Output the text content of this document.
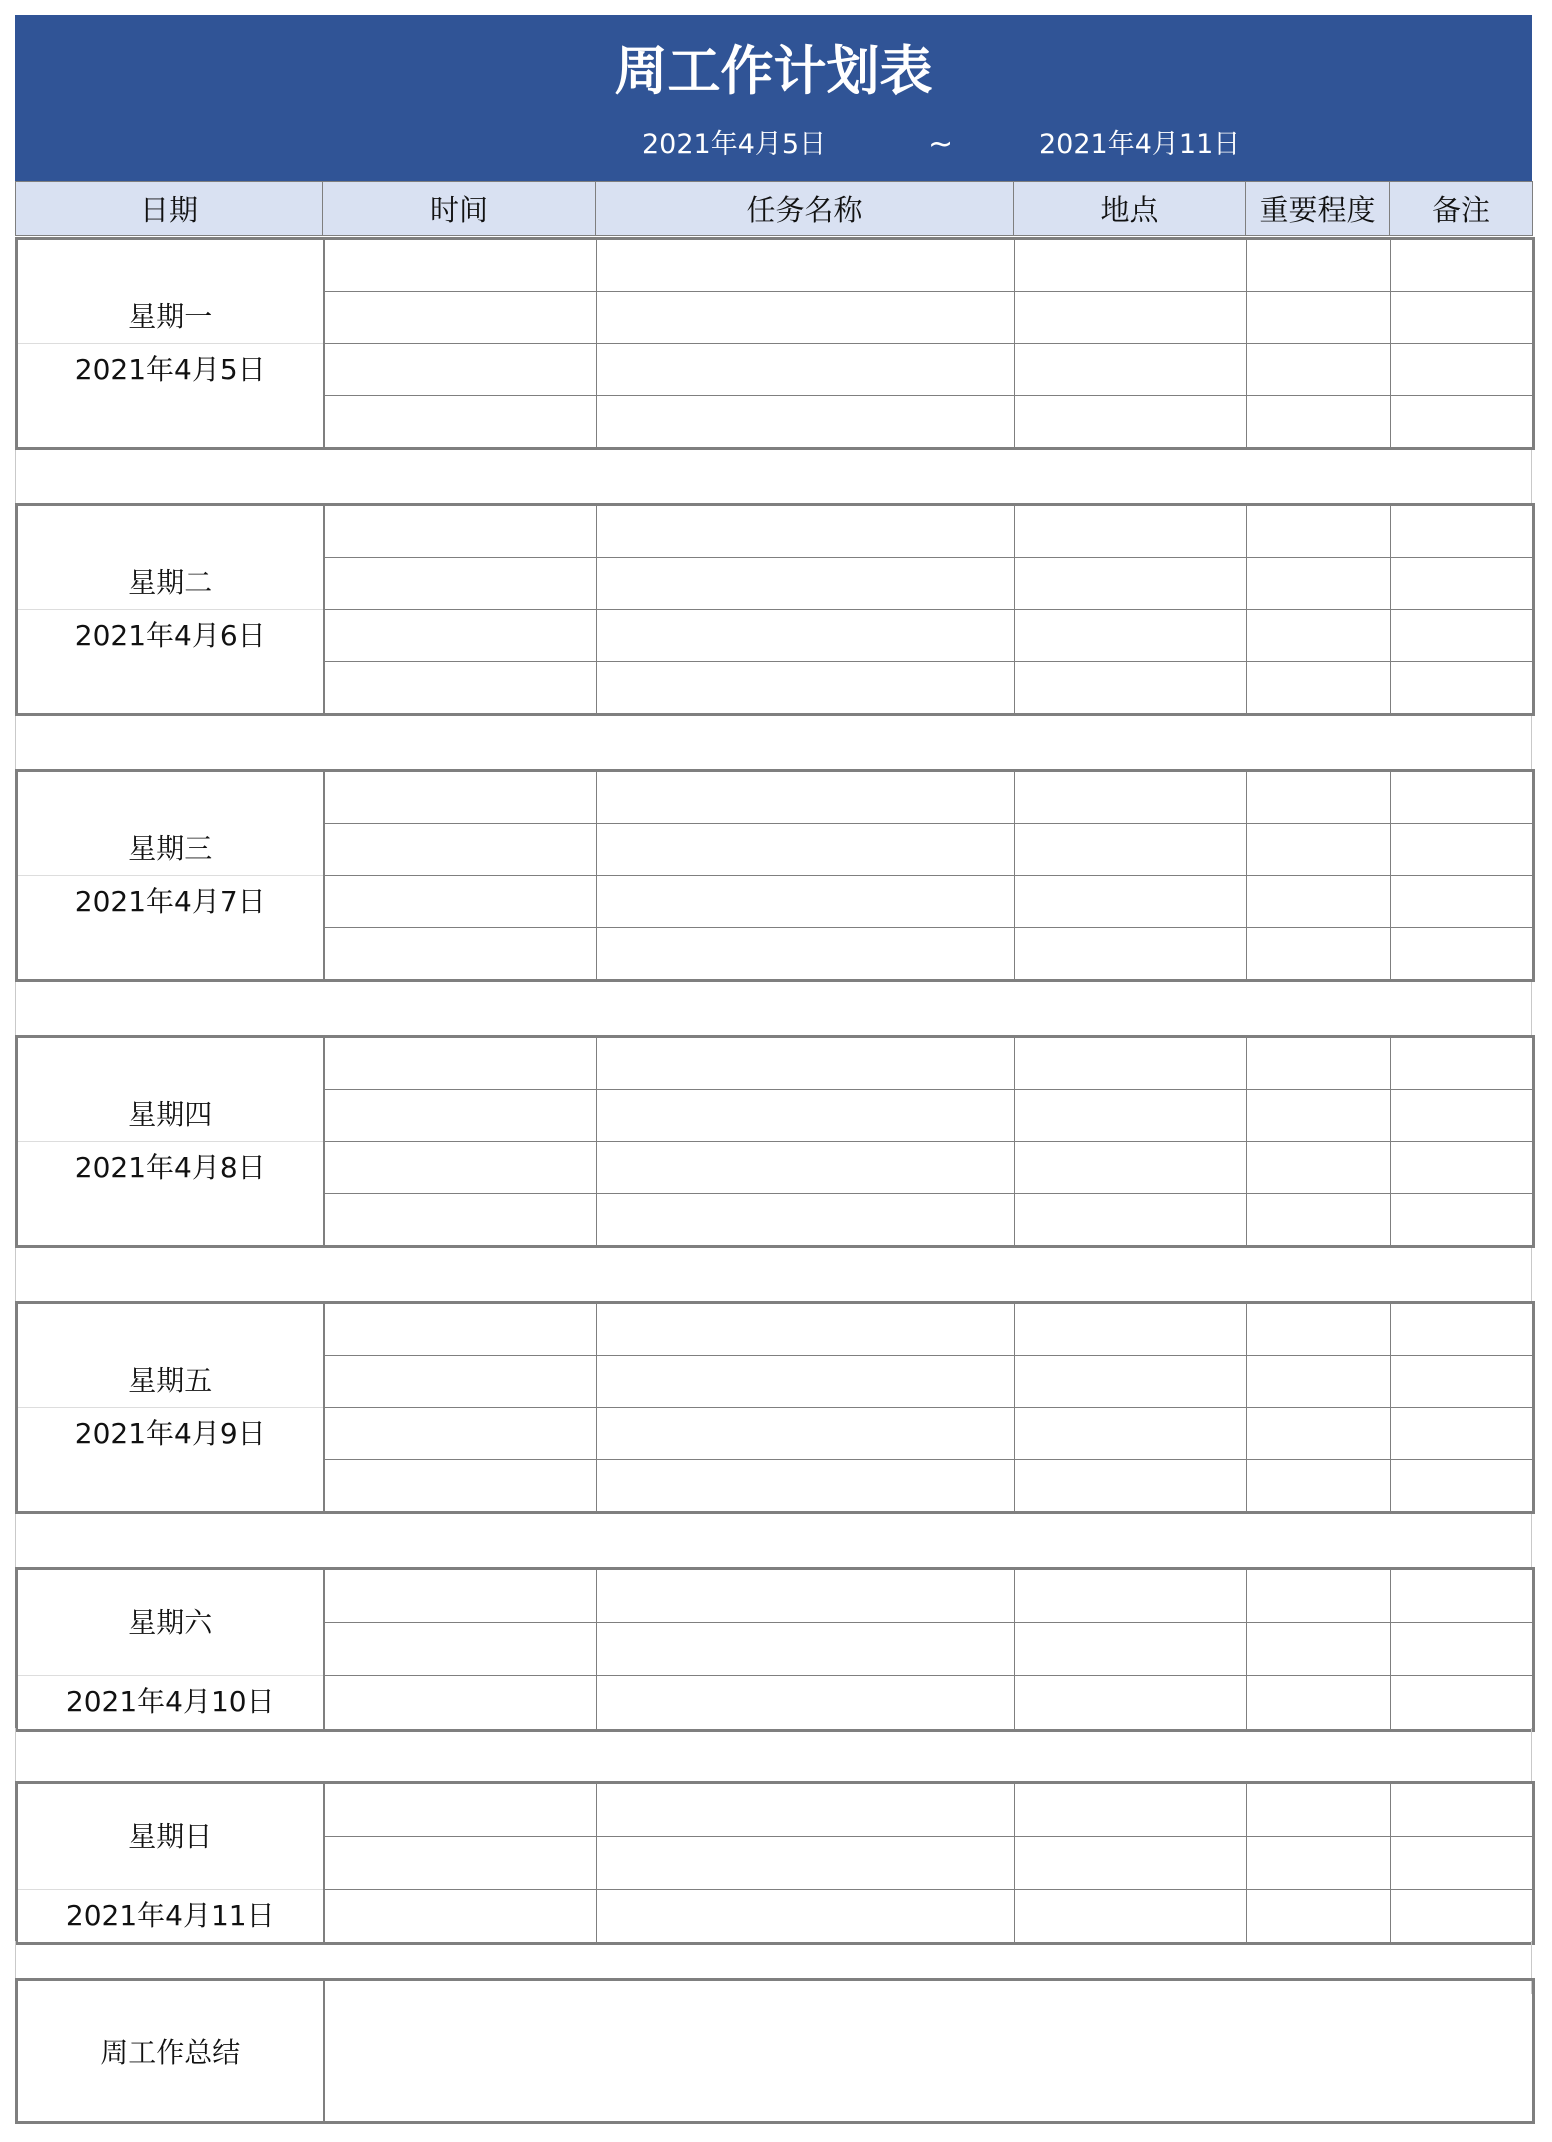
周工作计划表
2021年4月5日	~	2021年4月11日
日期	时间	任务名称	地点	重要程度	备注
星期一
2021年4月5日					

星期二
2021年4月6日					

星期三
2021年4月7日					

星期四
2021年4月8日					

星期五
2021年4月9日					

星期六
2021年4月10日					

星期日
2021年4月11日					

周工作总结	
